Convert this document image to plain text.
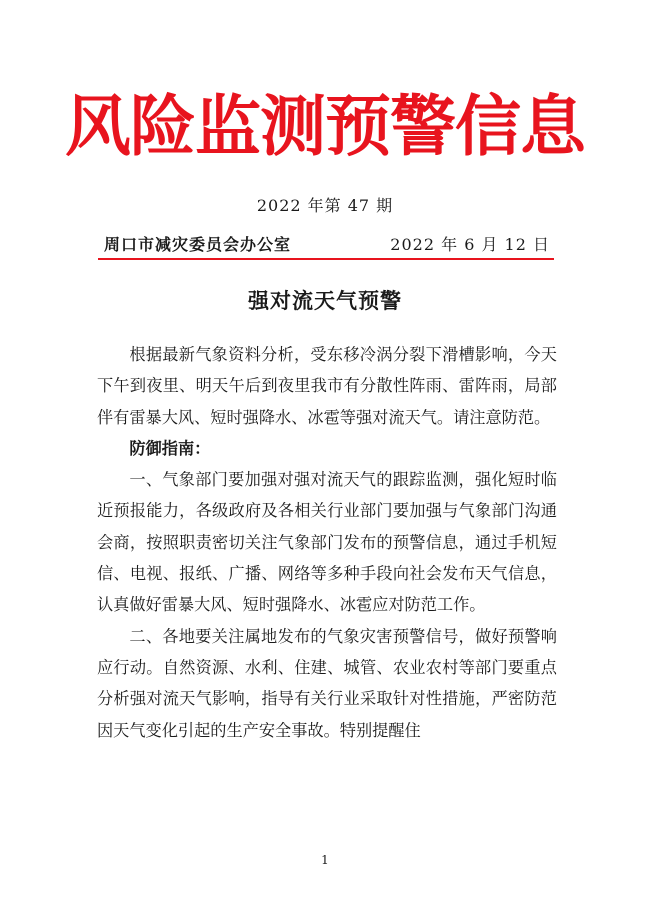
风险监测预警信息
2022 年第 47 期
周口市减灾委员会办公室	2022 年 6 月 12 日
强对流天气预警

根据最新气象资料分析，受东移冷涡分裂下滑槽影响，今天下午到夜里、明天午后到夜里我市有分散性阵雨、雷阵雨，局部伴有雷暴大风、短时强降水、冰雹等强对流天气。请注意防范。

防御指南：

一、气象部门要加强对强对流天气的跟踪监测，强化短时临近预报能力，各级政府及各相关行业部门要加强与气象部门沟通会商，按照职责密切关注气象部门发布的预警信息，通过手机短信、电视、报纸、广播、网络等多种手段向社会发布天气信息，认真做好雷暴大风、短时强降水、冰雹应对防范工作。

二、各地要关注属地发布的气象灾害预警信号，做好预警响应行动。自然资源、水利、住建、城管、农业农村等部门要重点分析强对流天气影响，指导有关行业采取针对性措施，严密防范因天气变化引起的生产安全事故。特别提醒住

1
